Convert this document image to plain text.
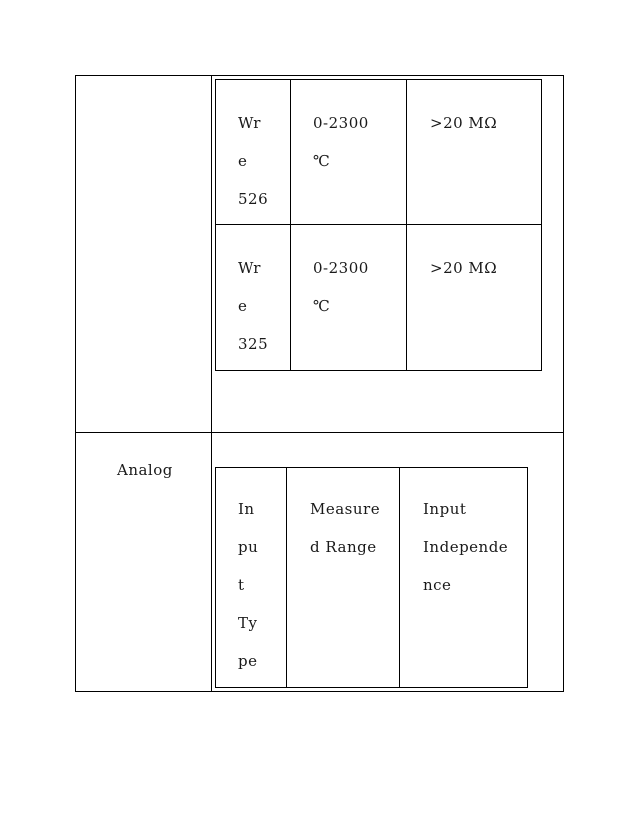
Wr
e
526
0-2300
℃
>20 MΩ
Wr
e
325
0-2300
℃
>20 MΩ
Analog
In
pu
t
Ty
pe
Measure
d Range
Input
Independe
nce
